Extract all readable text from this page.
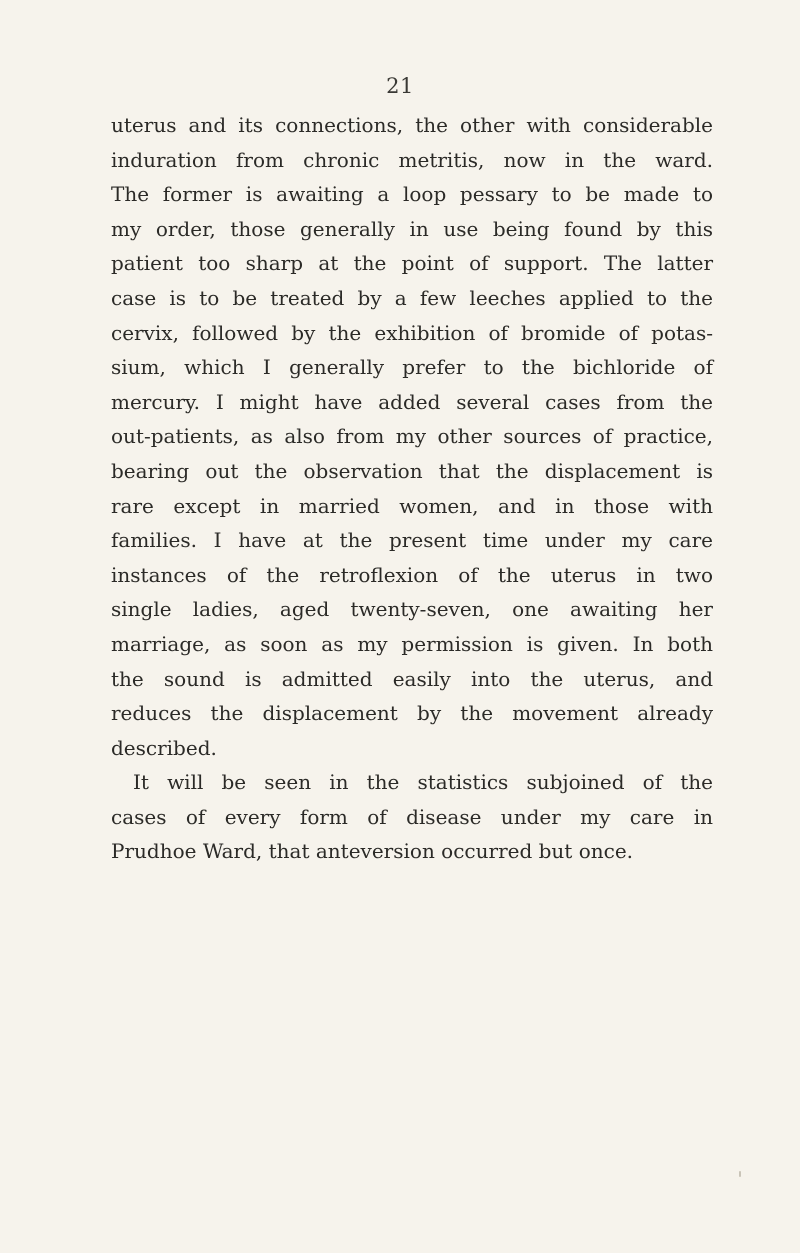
21
uterus and its connections, the other with considerable
induration from chronic metritis, now in the ward.
The former is awaiting a loop pessary to be made to
my order, those generally in use being found by this
patient too sharp at the point of support. The latter
case is to be treated by a few leeches applied to the
cervix, followed by the exhibition of bromide of potas-
sium, which I generally prefer to the bichloride of
mercury. I might have added several cases from the
out-patients, as also from my other sources of practice,
bearing out the observation that the displacement is
rare except in married women, and in those with
families. I have at the present time under my care
instances of the retroflexion of the uterus in two
single ladies, aged twenty-seven, one awaiting her
marriage, as soon as my permission is given. In both
the sound is admitted easily into the uterus, and
reduces the displacement by the movement already
described.
It will be seen in the statistics subjoined of the
cases of every form of disease under my care in
Prudhoe Ward, that anteversion occurred but once.
